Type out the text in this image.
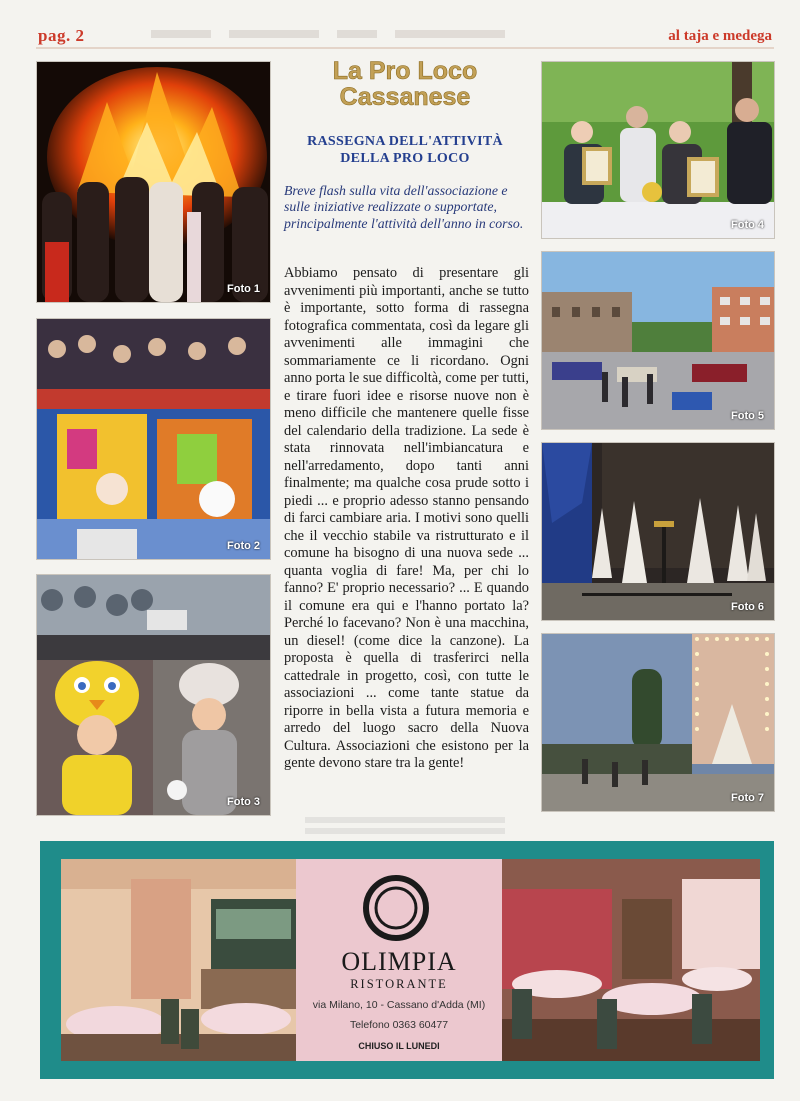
pag. 2	al taja e medega
Foto 1
Foto 2
Foto 3
La Pro Loco
Cassanese
RASSEGNA DELL'ATTIVITÀ
DELLA PRO LOCO

Breve flash sulla vita dell'associazione e sulle iniziative realizzate o supportate, principalmente l'attività dell'anno in corso.

Abbiamo pensato di presentare gli avvenimenti più importanti, anche se tutto è importante, sotto forma di rassegna fotografica commentata, così da legare gli avvenimenti alle immagini che sommariamente ce li ricordano. Ogni anno porta le sue difficoltà, come per tutti, e tirare fuori idee e risorse nuove non è meno difficile che mantenere quelle fisse del calendario della tradizione. La sede è stata rinnovata nell'imbiancatura e nell'arredamento, dopo tanti anni finalmente; ma qualche cosa prude sotto i piedi ... e proprio adesso stanno pensando di farci cambiare aria. I motivi sono quelli che il vecchio stabile va ristrutturato e il comune ha bisogno di una nuova sede ... quanta voglia di fare! Ma, per chi lo fanno? E' proprio necessario? ... E quando il comune era qui e l'hanno portato la? Perché lo facevano? Non è una macchina, un diesel! (come dice la canzone). La proposta è quella di trasferirci nella cattedrale in progetto, così, con tutte le associazioni ... come tante statue da riporre in bella vista a futura memoria e arredo del luogo sacro della Nuova Cultura. Associazioni che esistono per la gente devono stare tra la gente!

Foto 4
Foto 5
Foto 6
Foto 7
OLIMPIA
RISTORANTE
via Milano, 10 - Cassano d'Adda (MI)
Telefono 0363 60477
CHIUSO IL LUNEDI
